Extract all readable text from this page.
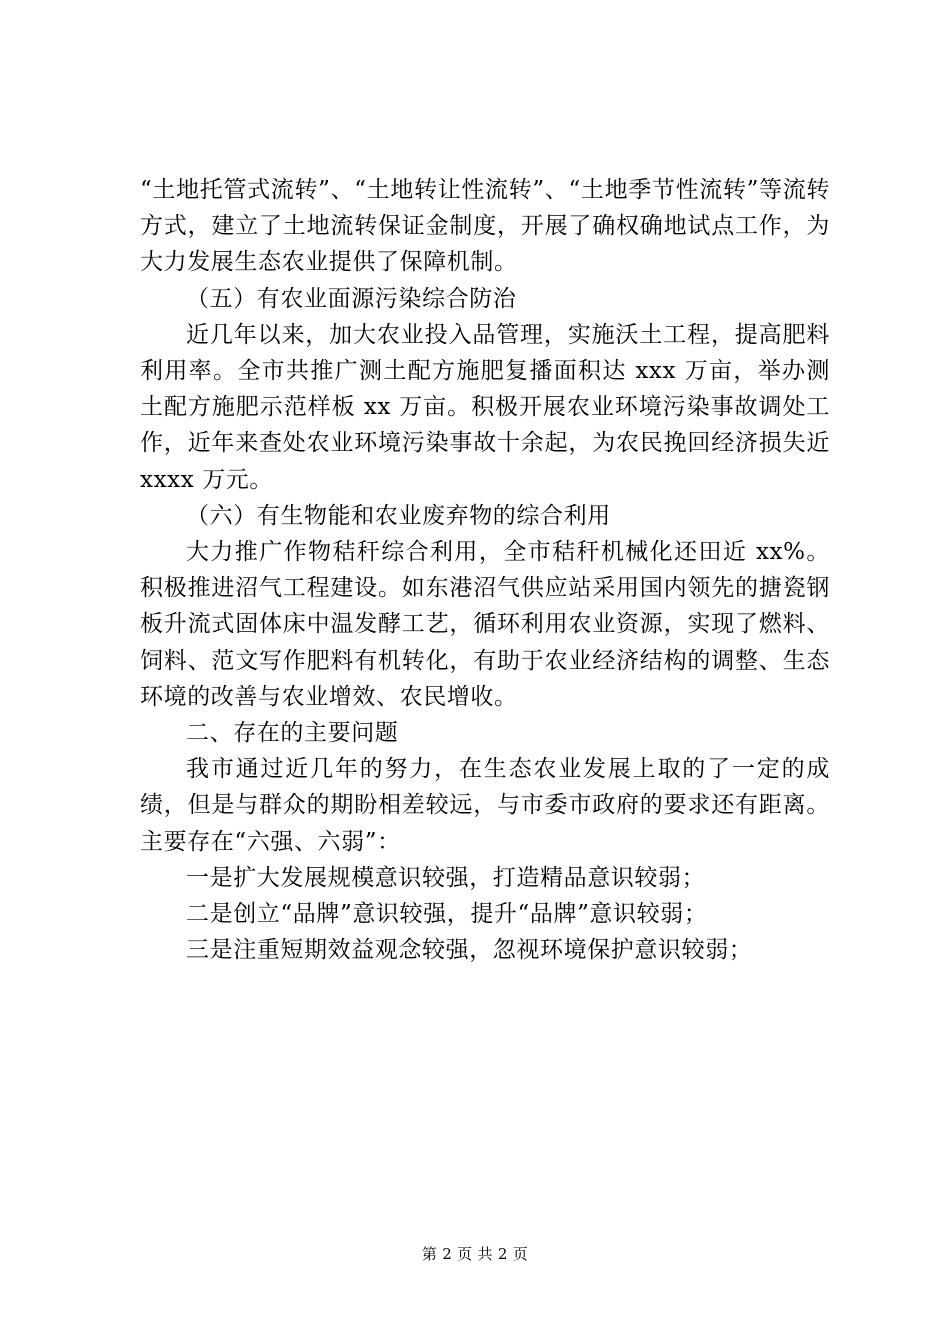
“土地托管式流转”、“土地转让性流转”、“土地季节性流转”等流转方式，建立了土地流转保证金制度，开展了确权确地试点工作，为大力发展生态农业提供了保障机制。

（五）有农业面源污染综合防治

近几年以来，加大农业投入品管理，实施沃土工程，提高肥料利用率。全市共推广测土配方施肥复播面积达 xxx 万亩，举办测土配方施肥示范样板 xx 万亩。积极开展农业环境污染事故调处工作，近年来查处农业环境污染事故十余起，为农民挽回经济损失近 xxxx 万元。

（六）有生物能和农业废弃物的综合利用

大力推广作物秸秆综合利用，全市秸秆机械化还田近 xx%。积极推进沼气工程建设。如东港沼气供应站采用国内领先的搪瓷钢板升流式固体床中温发酵工艺，循环利用农业资源，实现了燃料、饲料、范文写作肥料有机转化，有助于农业经济结构的调整、生态环境的改善与农业增效、农民增收。

二、存在的主要问题

我市通过近几年的努力，在生态农业发展上取的了一定的成绩，但是与群众的期盼相差较远，与市委市政府的要求还有距离。主要存在“六强、六弱”：

一是扩大发展规模意识较强，打造精品意识较弱；

二是创立“品牌”意识较强，提升“品牌”意识较弱；

三是注重短期效益观念较强，忽视环境保护意识较弱；

第 2 页 共 2 页
